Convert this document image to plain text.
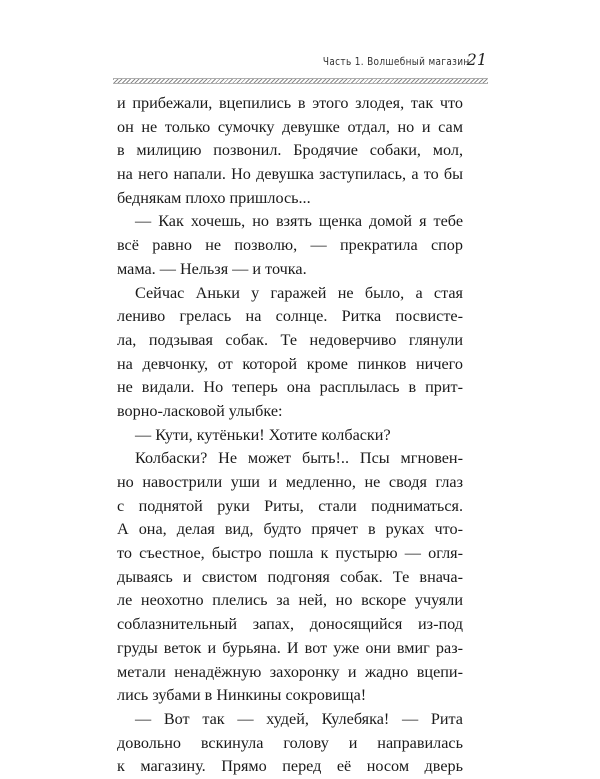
Часть 1. Волшебный магазин
21
и прибежали, вцепились в этого злодея, так что
он не только сумочку девушке отдал, но и сам
в милицию позвонил. Бродячие собаки, мол,
на него напали. Но девушка заступилась, а то бы
беднякам плохо пришлось...
— Как хочешь, но взять щенка домой я тебе
всё равно не позволю, — прекратила спор
мама. — Нельзя — и точка.
Сейчас Аньки у гаражей не было, а стая
лениво грелась на солнце. Ритка посвисте-
ла, подзывая собак. Те недоверчиво глянули
на девчонку, от которой кроме пинков ничего
не видали. Но теперь она расплылась в прит-
ворно-ласковой улыбке:
— Кути, кутёньки! Хотите колбаски?
Колбаски? Не может быть!.. Псы мгновен-
но навострили уши и медленно, не сводя глаз
с поднятой руки Риты, стали подниматься.
А она, делая вид, будто прячет в руках что-
то съестное, быстро пошла к пустырю — огля-
дываясь и свистом подгоняя собак. Те внача-
ле неохотно плелись за ней, но вскоре учуяли
соблазнительный запах, доносящийся из-под
груды веток и бурьяна. И вот уже они вмиг раз-
метали ненадёжную захоронку и жадно вцепи-
лись зубами в Нинкины сокровища!
— Вот так — худей, Кулебяка! — Рита
довольно вскинула голову и направилась
к магазину. Прямо перед её носом дверь
